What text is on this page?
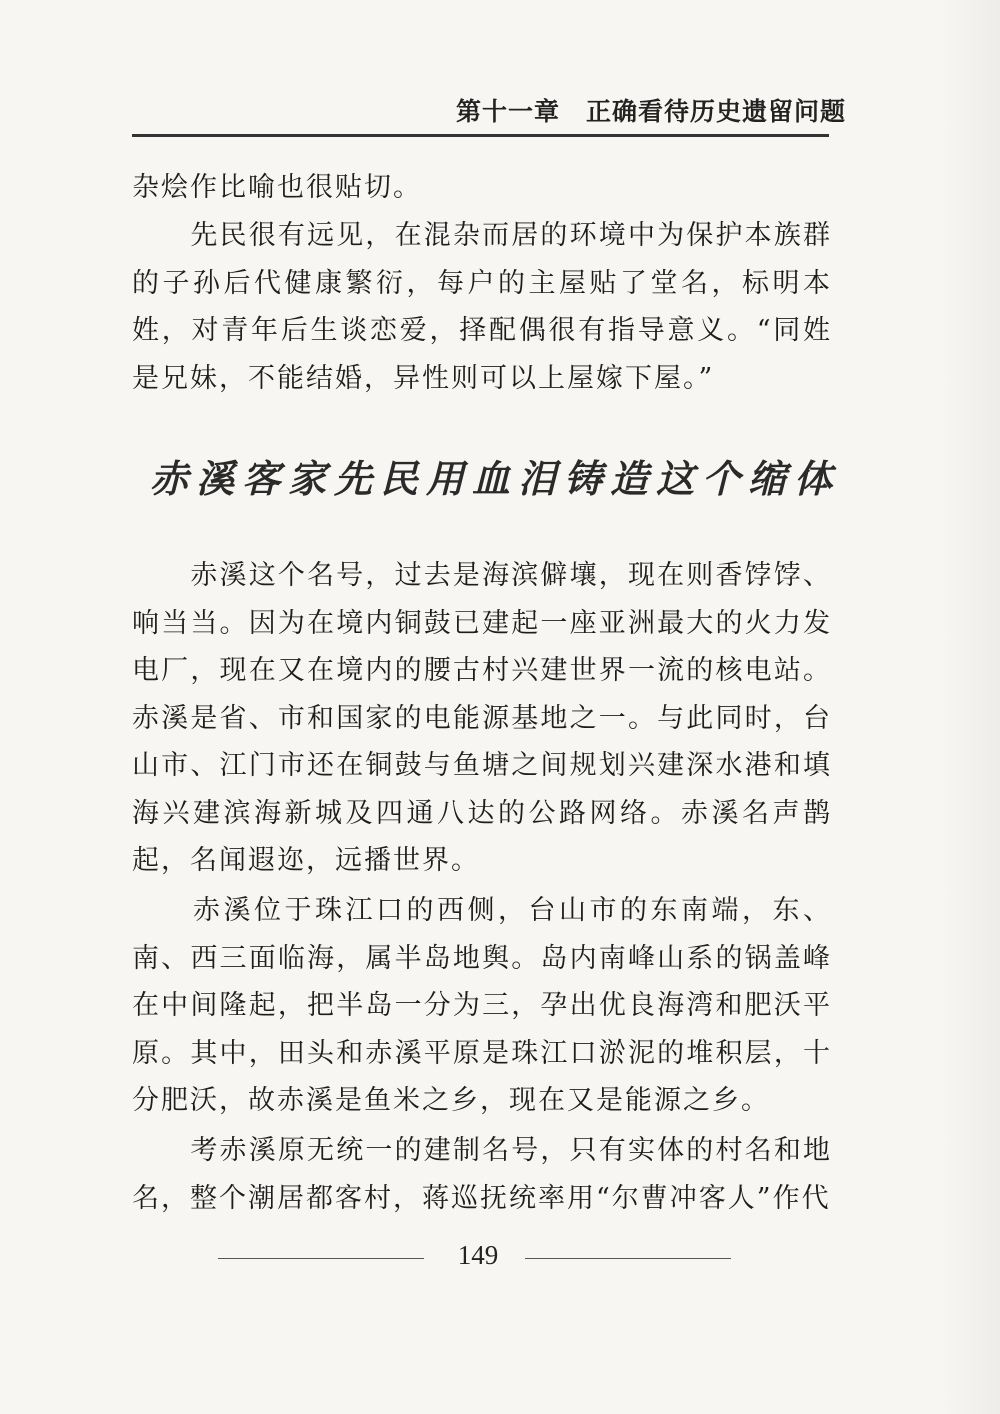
第十一章　正确看待历史遗留问题

杂烩作比喻也很贴切。

　　先民很有远见，在混杂而居的环境中为保护本族群的子孙后代健康繁衍，每户的主屋贴了堂名，标明本姓，对青年后生谈恋爱，择配偶很有指导意义。“同姓是兄妹，不能结婚，异性则可以上屋嫁下屋。”

赤溪客家先民用血泪铸造这个缩体

　　赤溪这个名号，过去是海滨僻壤，现在则香饽饽、响当当。因为在境内铜鼓已建起一座亚洲最大的火力发电厂，现在又在境内的腰古村兴建世界一流的核电站。赤溪是省、市和国家的电能源基地之一。与此同时，台山市、江门市还在铜鼓与鱼塘之间规划兴建深水港和填海兴建滨海新城及四通八达的公路网络。赤溪名声鹊起，名闻遐迩，远播世界。

　　赤溪位于珠江口的西侧，台山市的东南端，东、南、西三面临海，属半岛地舆。岛内南峰山系的锅盖峰在中间隆起，把半岛一分为三，孕出优良海湾和肥沃平原。其中，田头和赤溪平原是珠江口淤泥的堆积层，十分肥沃，故赤溪是鱼米之乡，现在又是能源之乡。

　　考赤溪原无统一的建制名号，只有实体的村名和地名，整个潮居都客村，蒋巡抚统率用“尔曹冲客人”作代

149
